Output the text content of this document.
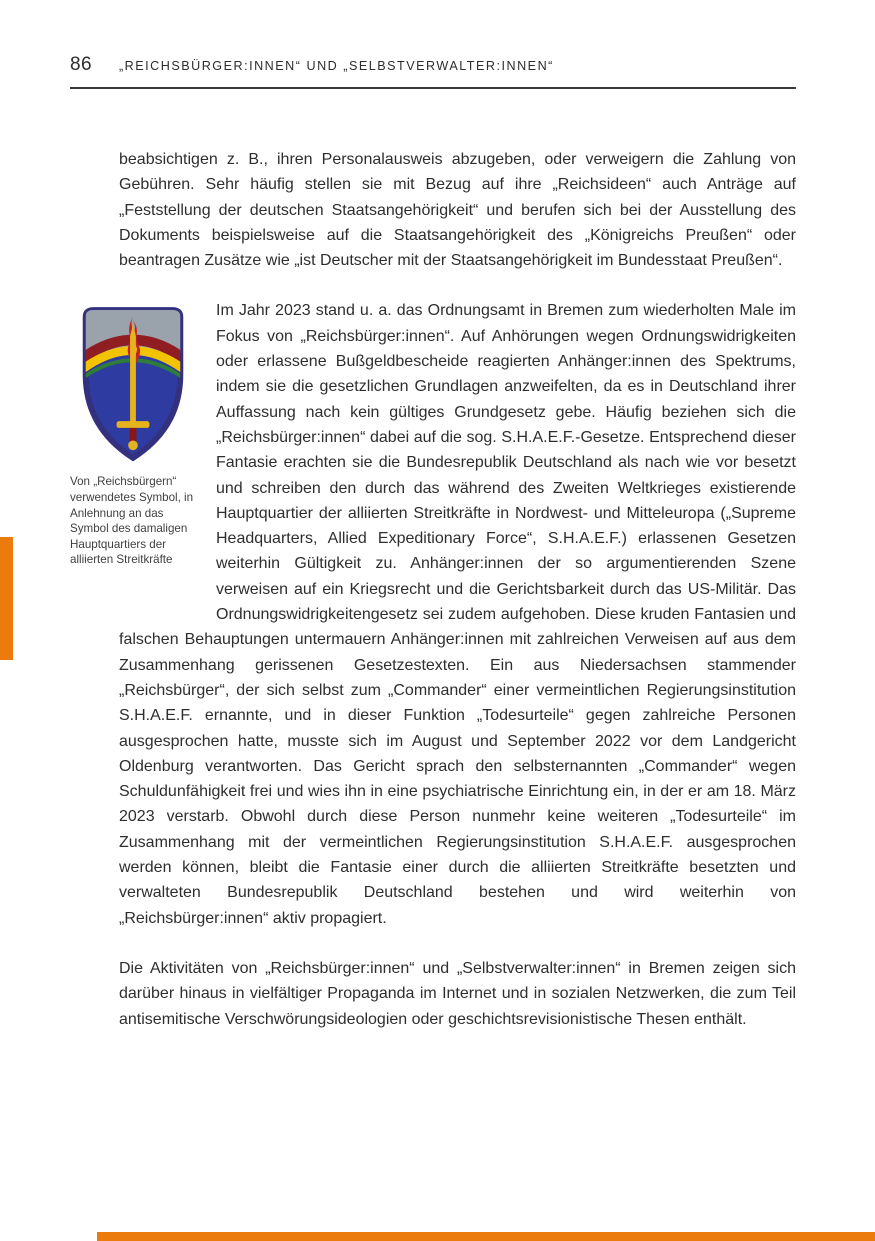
86 „REICHSBÜRGER:INNEN“ UND „SELBSTVERWALTER:INNEN“

beabsichtigen z. B., ihren Personalausweis abzugeben, oder verweigern die Zahlung von Gebühren. Sehr häufig stellen sie mit Bezug auf ihre „Reichsideen“ auch Anträge auf „Feststellung der deutschen Staatsangehörigkeit“ und berufen sich bei der Ausstellung des Dokuments beispielsweise auf die Staatsangehörigkeit des „Königreichs Preußen“ oder beantragen Zusätze wie „ist Deutscher mit der Staatsangehörigkeit im Bundesstaat Preußen“.

Von „Reichsbürgern“ verwendetes Symbol, in Anlehnung an das Symbol des damaligen Hauptquartiers der alliierten Streitkräfte
Im Jahr 2023 stand u. a. das Ordnungsamt in Bremen zum wiederholten Male im Fokus von „Reichsbürger:innen“. Auf Anhörungen wegen Ordnungswidrigkeiten oder erlassene Bußgeldbescheide reagierten Anhänger:innen des Spektrums, indem sie die gesetzlichen Grundlagen anzweifelten, da es in Deutschland ihrer Auffassung nach kein gültiges Grundgesetz gebe. Häufig beziehen sich die „Reichsbürger:innen“ dabei auf die sog. S.H.A.E.F.-Gesetze. Entsprechend dieser Fantasie erachten sie die Bundesrepublik Deutschland als nach wie vor besetzt und schreiben den durch das während des Zweiten Weltkrieges existierende Hauptquartier der alliierten Streitkräfte in Nordwest- und Mitteleuropa („Supreme Headquarters, Allied Expeditionary Force“, S.H.A.E.F.) erlassenen Gesetzen weiterhin Gültigkeit zu. Anhänger:innen der so argumentierenden Szene verweisen auf ein Kriegsrecht und die Gerichtsbarkeit durch das US-Militär. Das Ordnungswidrigkeitengesetz sei zudem aufgehoben. Diese kruden Fantasien und falschen Behauptungen untermauern Anhänger:innen mit zahlreichen Verweisen auf aus dem Zusammenhang gerissenen Gesetzestexten. Ein aus Niedersachsen stammender „Reichsbürger“, der sich selbst zum „Commander“ einer vermeintlichen Regierungsinstitution S.H.A.E.F. ernannte, und in dieser Funktion „Todesurteile“ gegen zahlreiche Personen ausgesprochen hatte, musste sich im August und September 2022 vor dem Landgericht Oldenburg verantworten. Das Gericht sprach den selbsternannten „Commander“ wegen Schuldunfähigkeit frei und wies ihn in eine psychiatrische Einrichtung ein, in der er am 18. März 2023 verstarb. Obwohl durch diese Person nunmehr keine weiteren „Todesurteile“ im Zusammenhang mit der vermeintlichen Regierungsinstitution S.H.A.E.F. ausgesprochen werden können, bleibt die Fantasie einer durch die alliierten Streitkräfte besetzten und verwalteten Bundesrepublik Deutschland bestehen und wird weiterhin von „Reichsbürger:innen“ aktiv propagiert.

Die Aktivitäten von „Reichsbürger:innen“ und „Selbstverwalter:innen“ in Bremen zeigen sich darüber hinaus in vielfältiger Propaganda im Internet und in sozialen Netzwerken, die zum Teil antisemitische Verschwörungsideologien oder geschichtsrevisionistische Thesen enthält.
